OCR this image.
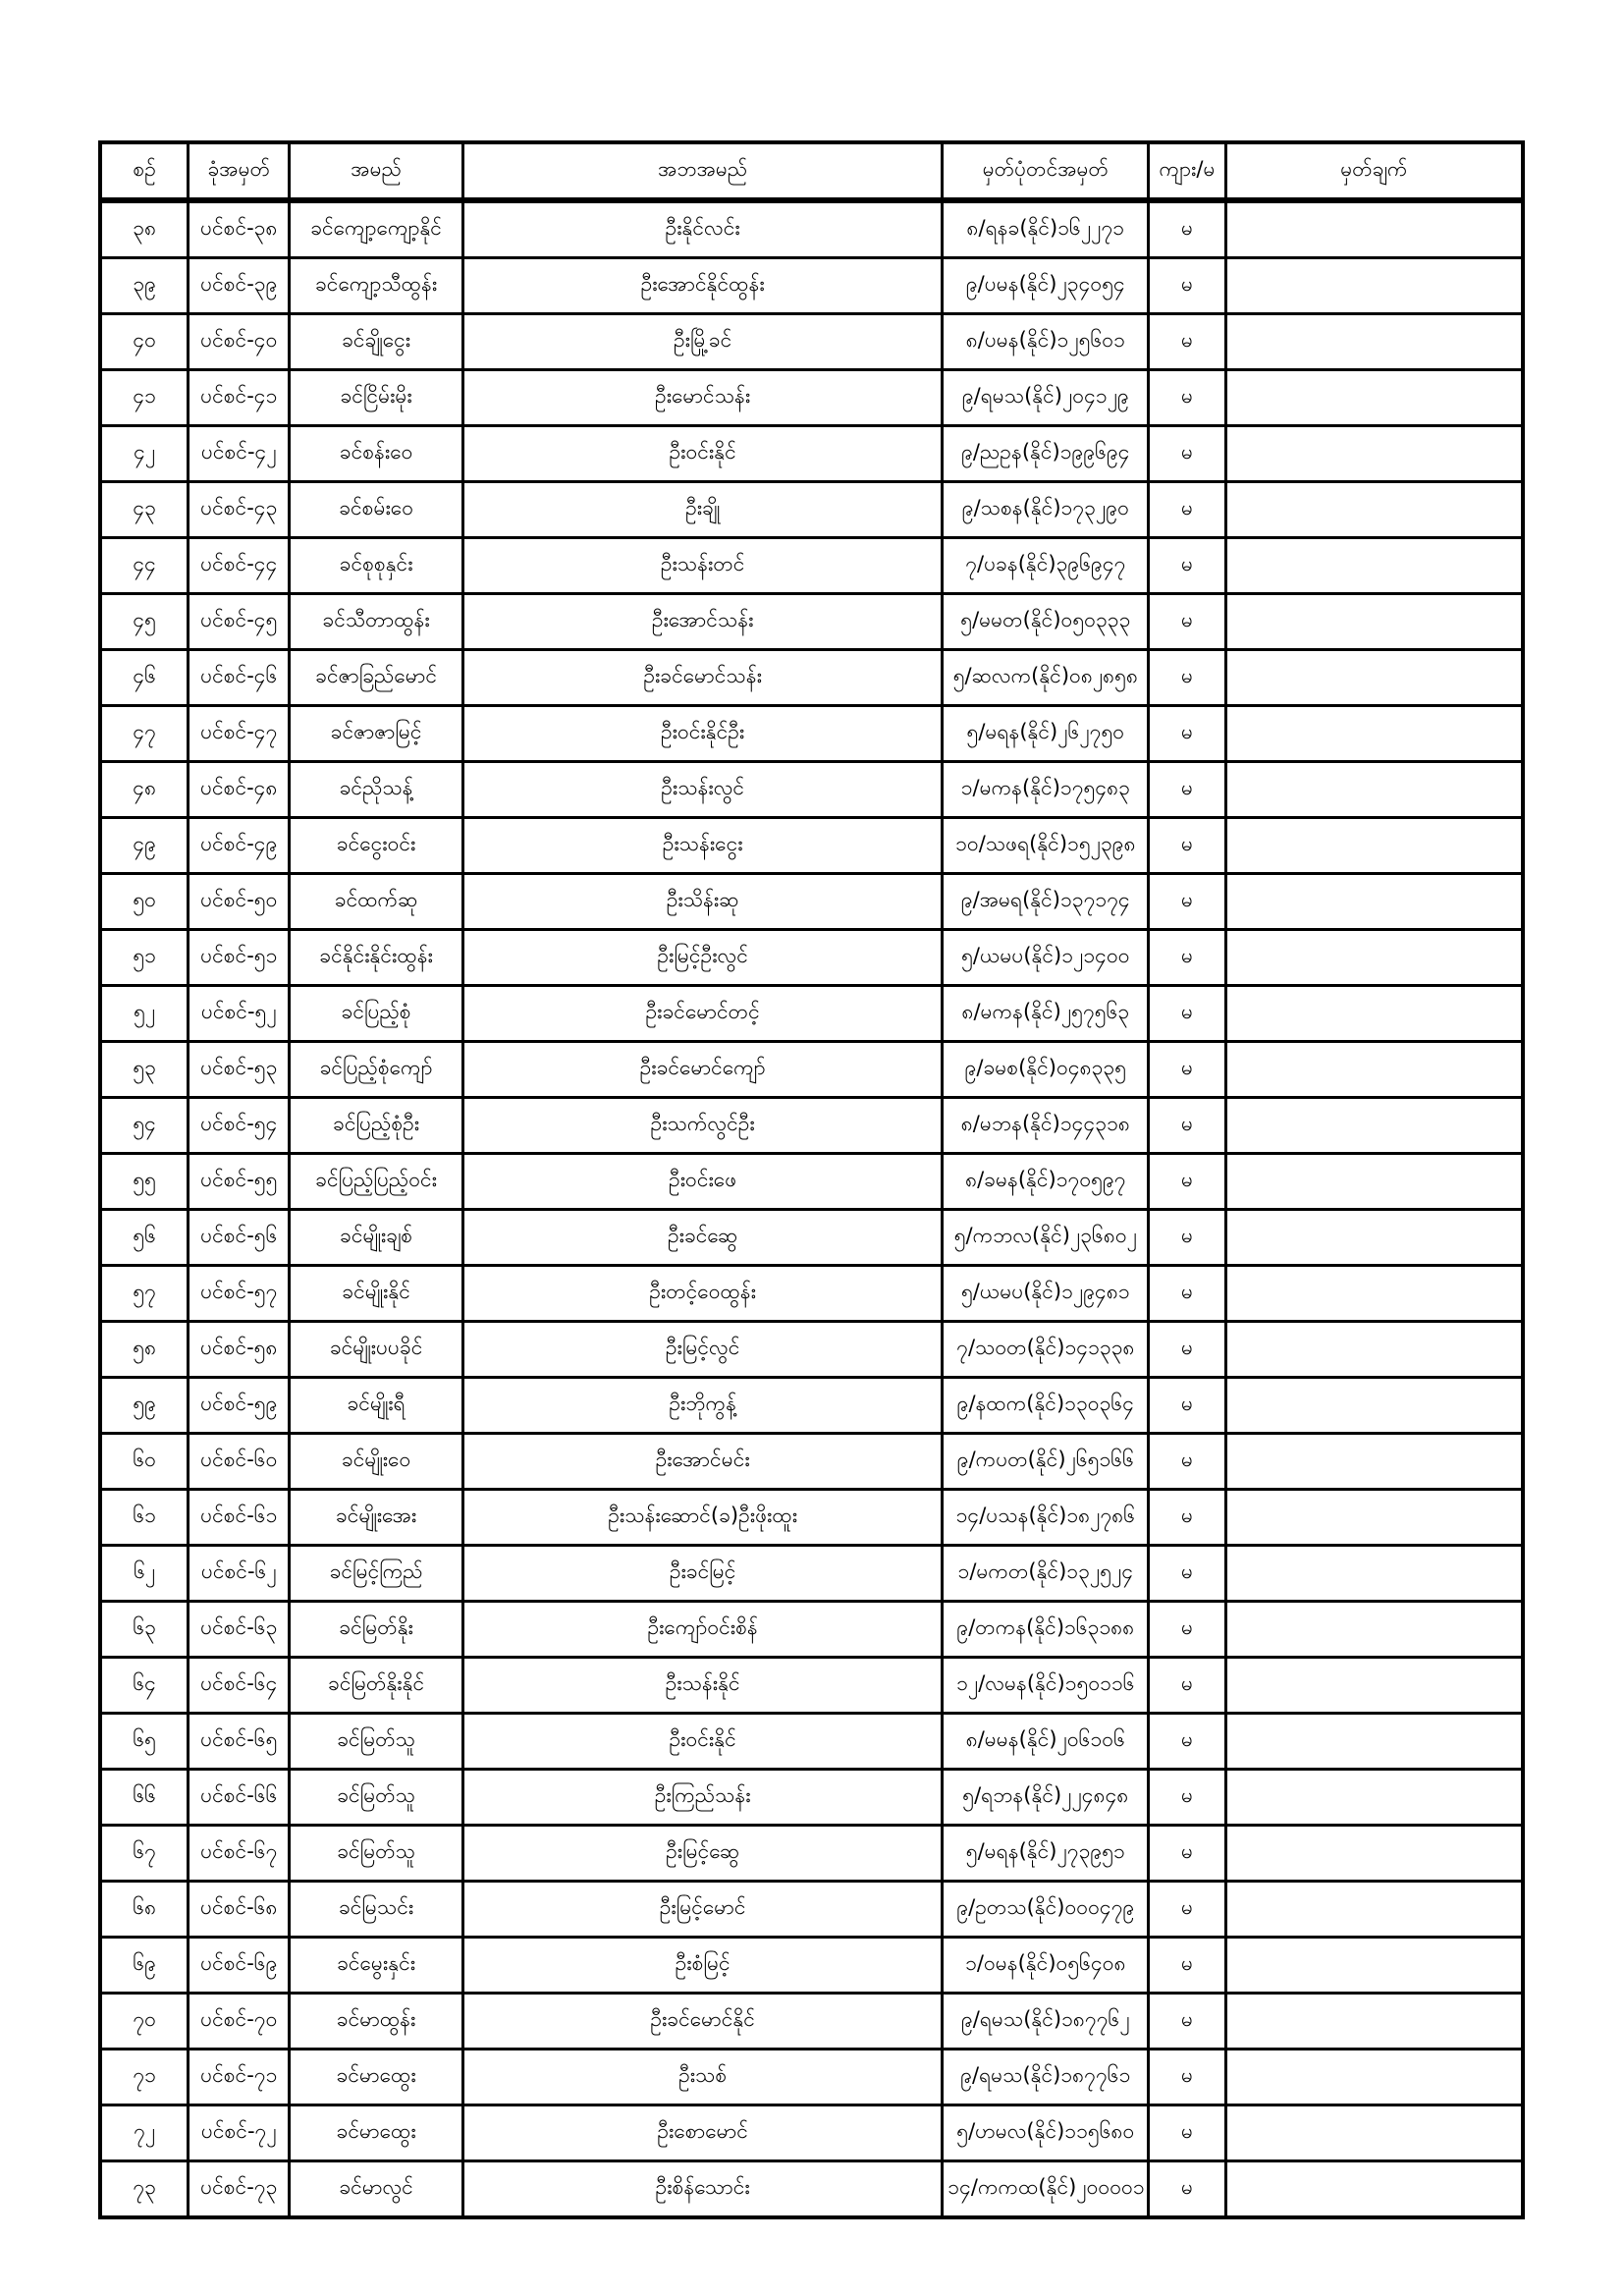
စဉ်	ခုံအမှတ်	အမည်	အဘအမည်	မှတ်ပုံတင်အမှတ်	ကျား/မ	မှတ်ချက်
၃၈	ပင်စင်-၃၈	ခင်ကျော့ကျော့နိုင်	ဦးနိုင်လင်း	၈/ရနခ(နိုင်)၁၆၂၂၇၁	မ	
၃၉	ပင်စင်-၃၉	ခင်ကျော့သီထွန်း	ဦးအောင်နိုင်ထွန်း	၉/ပမန(နိုင်)၂၃၄၀၅၄	မ	
၄၀	ပင်စင်-၄၀	ခင်ချိုငွေး	ဦးမြို့ခင်	၈/ပမန(နိုင်)၁၂၅၆၀၁	မ	
၄၁	ပင်စင်-၄၁	ခင်ငြိမ်းမိုး	ဦးမောင်သန်း	၉/ရမသ(နိုင်)၂၀၄၁၂၉	မ	
၄၂	ပင်စင်-၄၂	ခင်စန်းဝေ	ဦးဝင်းနိုင်	၉/ညဥန(နိုင်)၁၉၉၆၉၄	မ	
၄၃	ပင်စင်-၄၃	ခင်စမ်းဝေ	ဦးချို	၉/သစန(နိုင်)၁၇၃၂၉၀	မ	
၄၄	ပင်စင်-၄၄	ခင်စုစုနှင်း	ဦးသန်းတင်	၇/ပခန(နိုင်)၃၉၆၉၄၇	မ	
၄၅	ပင်စင်-၄၅	ခင်သီတာထွန်း	ဦးအောင်သန်း	၅/မမတ(နိုင်)၀၅၀၃၃၃	မ	
၄၆	ပင်စင်-၄၆	ခင်ဇာခြည်မောင်	ဦးခင်မောင်သန်း	၅/ဆလက(နိုင်)၀၈၂၈၅၈	မ	
၄၇	ပင်စင်-၄၇	ခင်ဇာဇာမြင့်	ဦးဝင်းနိုင်ဦး	၅/မရန(နိုင်)၂၆၂၇၅၀	မ	
၄၈	ပင်စင်-၄၈	ခင်ညိုသန့်	ဦးသန်းလွင်	၁/မကန(နိုင်)၁၇၅၄၈၃	မ	
၄၉	ပင်စင်-၄၉	ခင်ငွေးဝင်း	ဦးသန်းငွေး	၁၀/သဖရ(နိုင်)၁၅၂၃၉၈	မ	
၅၀	ပင်စင်-၅၀	ခင်ထက်ဆု	ဦးသိန်းဆု	၉/အမရ(နိုင်)၁၃၇၁၇၄	မ	
၅၁	ပင်စင်-၅၁	ခင်နိုင်းနိုင်းထွန်း	ဦးမြင့်ဦးလွင်	၅/ယမပ(နိုင်)၁၂၁၄၀၀	မ	
၅၂	ပင်စင်-၅၂	ခင်ပြည့်စုံ	ဦးခင်မောင်တင့်	၈/မကန(နိုင်)၂၅၇၅၆၃	မ	
၅၃	ပင်စင်-၅၃	ခင်ပြည့်စုံကျော်	ဦးခင်မောင်ကျော်	၉/ခမစ(နိုင်)၀၄၈၃၃၅	မ	
၅၄	ပင်စင်-၅၄	ခင်ပြည့်စုံဦး	ဦးသက်လွင်ဦး	၈/မဘန(နိုင်)၁၄၄၃၁၈	မ	
၅၅	ပင်စင်-၅၅	ခင်ပြည့်ပြည့်ဝင်း	ဦးဝင်းဖေ	၈/ခမန(နိုင်)၁၇၀၅၉၇	မ	
၅၆	ပင်စင်-၅၆	ခင်မျိုးချစ်	ဦးခင်ဆွေ	၅/ကဘလ(နိုင်)၂၃၆၈၀၂	မ	
၅၇	ပင်စင်-၅၇	ခင်မျိုးနိုင်	ဦးတင့်ဝေထွန်း	၅/ယမပ(နိုင်)၁၂၉၄၈၁	မ	
၅၈	ပင်စင်-၅၈	ခင်မျိုးပပခိုင်	ဦးမြင့်လွင်	၇/သဝတ(နိုင်)၁၄၁၃၃၈	မ	
၅၉	ပင်စင်-၅၉	ခင်မျိုးရီ	ဦးဘိုကွန့်	၉/နထက(နိုင်)၁၃၀၃၆၄	မ	
၆၀	ပင်စင်-၆၀	ခင်မျိုးဝေ	ဦးအောင်မင်း	၉/ကပတ(နိုင်)၂၆၅၁၆၆	မ	
၆၁	ပင်စင်-၆၁	ခင်မျိုးအေး	ဦးသန်းဆောင်(ခ)ဦးဖိုးထူး	၁၄/ပသန(နိုင်)၁၈၂၇၈၆	မ	
၆၂	ပင်စင်-၆၂	ခင်မြင့်ကြည်	ဦးခင်မြင့်	၁/မကတ(နိုင်)၁၃၂၅၂၄	မ	
၆၃	ပင်စင်-၆၃	ခင်မြတ်နိုး	ဦးကျော်ဝင်းစိန်	၉/တကန(နိုင်)၁၆၃၁၈၈	မ	
၆၄	ပင်စင်-၆၄	ခင်မြတ်နိုးနိုင်	ဦးသန်းနိုင်	၁၂/လမန(နိုင်)၁၅၀၁၁၆	မ	
၆၅	ပင်စင်-၆၅	ခင်မြတ်သူ	ဦးဝင်းနိုင်	၈/မမန(နိုင်)၂၀၆၁၀၆	မ	
၆၆	ပင်စင်-၆၆	ခင်မြတ်သူ	ဦးကြည်သန်း	၅/ရဘန(နိုင်)၂၂၄၈၄၈	မ	
၆၇	ပင်စင်-၆၇	ခင်မြတ်သူ	ဦးမြင့်ဆွေ	၅/မရန(နိုင်)၂၇၃၉၅၁	မ	
၆၈	ပင်စင်-၆၈	ခင်မြသင်း	ဦးမြင့်မောင်	၉/ဥတသ(နိုင်)၀၀၀၄၇၉	မ	
၆၉	ပင်စင်-၆၉	ခင်မွေးနှင်း	ဦးစံမြင့်	၁/ဝမန(နိုင်)၀၅၆၄၀၈	မ	
၇၀	ပင်စင်-၇၀	ခင်မာထွန်း	ဦးခင်မောင်နိုင်	၉/ရမသ(နိုင်)၁၈၇၇၆၂	မ	
၇၁	ပင်စင်-၇၁	ခင်မာထွေး	ဦးသစ်	၉/ရမသ(နိုင်)၁၈၇၇၆၁	မ	
၇၂	ပင်စင်-၇၂	ခင်မာထွေး	ဦးစောမောင်	၅/ဟမလ(နိုင်)၁၁၅၆၈၀	မ	
၇၃	ပင်စင်-၇၃	ခင်မာလွင်	ဦးစိန်သောင်း	၁၄/ကကထ(နိုင်)၂၀၀၀၀၁	မ	
